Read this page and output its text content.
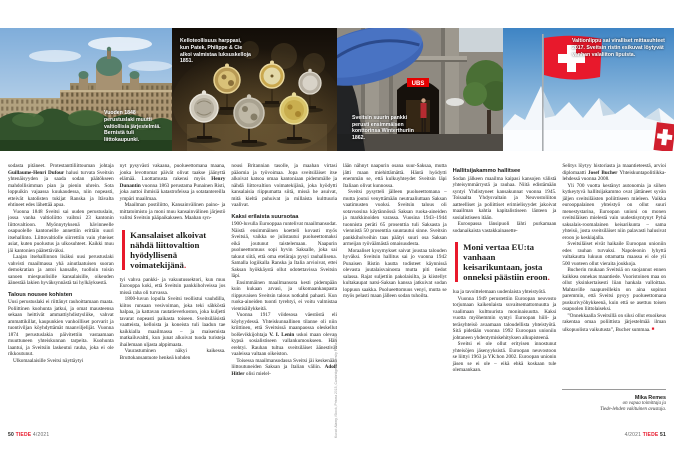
Vuoden 1848 perustuslaki muutti valtiollisia järjestelmiä. Bernistä tuli liittokaupunki.
Kelloteollisuus harppasi, kun Patek, Philippe & Cie alkoi valmistaa luksuskelloja 1851.
UBS
Sveitsin suurin pankki perusti ensimmäisen konttorinsa Winterthuriin 1862.
Valtionlippu sai viralliset mittasuhteet 2017. Sveitsin ristin esikuvat löytyvät vanhan valaliiton lipuista.

sodasta pitäneet. Protestanttiliittouman johtaja Guillaume-Henri Dufour halusi turvata Sveitsin yhtenäisyyden ja saada sodan päätökseen mahdollisimman pian ja pienin uhrein. Sota loppuikin vajaassa kuukaudessa, niin nopeasti, etteivät katolisten tukijat Ranska ja Itävalta ehtineet edes lähettää apua.

Vuonna 1848 Sveitsi sai uuden perustuslain, jossa vanha valtioliitto vaihtui 23 kantonin liittovaltioon. Myönnytyksenä hävinneelle osapuolelle kantoneille annettiin erittäin suuri itsehallinto. Liittovaltiolle siirrettiin vain yhteiset asiat, kuten puolustus ja ulkosuhteet. Kaikki muu jäi kantonien päätettäväksi.

Laajan itsehallinnon lisäksi uusi perustuslaki vahvisti maailmassa yhä ainutlaatuisen suoran demokratian ja antoi kansalle, tuolloin toisin sanoen miespuolisille kansalaisille, oikeuden äänestää lakien hyväksynnästä tai hylkäyksestä.

Talous nousee kohisten

Uusi perustuslaki ei riittänyt rauhoittamaan maata. Poliittinen kuohunta jatkui, ja omat mausteensa sekaan heittivät ammattiyhdistysliike, vahvat ammattikillat, kaupunkien vanhoilliset porvarit ja tuontiviljan köyhdyttämät maanviljelijät. Vuonna 1874 perustuslakia päivitettiin vastaamaan muuttuneen yhteiskunnan tarpeita. Kuohunta laantui, ja Sveitsiin laskeutui rauha, joka ei ole rikkoutunut.

Ulkomaalaisille Sveitsi näyttäytyi

nyt pysyvästi vakaana, puolueettomana maana, jonka levottomat päivät olivat taakse jäänyttä elämää. Luottamusta rakensi myös Henry Dunantin vuonna 1863 perustama Punainen Risti, joka auttoi ihmisiä katastrofeissa ja sotatantereilla ympäri maailmaa.

Maailman postiliitto, Kansainvälinen paino- ja mittatoimisto ja moni muu kansainvälinen järjestö valitsi Sveitsin pääpaikakseen. Maahan syn-

Kansalaiset alkoivat nähdä liittovaltion hyödyllisenä voimatekijänä.

tyi vahva pankki- ja vakuutussektori, kun muu Eurooppa koki, että Sveitsin pankkiholveissa jos missä raha oli turvassa.

1800-luvun lopulla Sveitsi teollistui vauhdilla, kiitos runsaan vesivoiman, joka teki sähköstä halpaa, ja kattavan rautatieverkoston, joka kuljetti tavarat nopeasti paikasta toiseen. Sveitsiläisistä vaatteista, kelloista ja koneista tuli laadun tae kaikkialla maailmassa – ja maisemista matkailuvaltti, kun junat alkoivat tuoda turisteja ihailemaan uljasta alppimaata.

Vaurastuminen näkyi kaikessa. Bruttokansantuote henkeä kohden

nousi Britannian tasolle, ja maahan virtasi pääomia ja työvoimaa. Jopa sveitsiläiset itse alkoivat katsoa omaa kantoniaan pidemmälle ja nähdä liittovaltion voimatekijänä, joka hyödytti kansalaisia riippumatta siitä, missä he asuivat, mitä kieltä puhuivat ja millaista kulttuuria vaalivat.

Kaksi erilaista suursotaa

1900-luvulla Eurooppaa runtelivat maailmansodat. Näistä ensimmäinen koetteli kovasti myös Sveitsiä, vaikka se julistautui puolueettomaksi eikä joutunut taistelemaan. Naapurin puolueettomuus sopi hyvin Saksalle, joka sai takuut siitä, että oma eteläraja pysyi rauhallisena. Samalla logiikalla Ranska ja Italia arvioivat, ettei Saksan hyökkäystä ollut odotettavissa Sveitsin läpi.

Ensimmäinen maailmansota kesti pidempään kuin kukaan arvasi, ja ulkomaankaupasta riippuvaisen Sveitsin talous notkahti pahasti. Kun ruoka-aineiden tuonti tyrehtyi, ei voitu valmistaa vientisäilykkeitä.

Vuonna 1917 viidesosa väestöstä eli köyhyydessä. Yhteiskunnallinen tilanne oli niin kriittinen, että Sveitsissä maanpaossa oleskellut bolševikkijohtaja V. I. Lenin uskoi maan olevan kypsä sosialistiseen vallankumoukseen. Hän erehtyi. Rauhan tultua sveitsiläiset äänestivät vaaleissa valtaan oikeiston.

Toisessa maailmansodassa Sveitsi jäi keskenään liittoutuneiden Saksan ja Italian väliin. Adolf Hitler olisi mielel-

lään nähnyt naapurin osana suur-Saksaa, mutta jätti maan miehittämättä. Häntä hyödytti enemmän se, että kulkuyhteydet Sveitsin läpi Italiaan olivat kunnossa.

Sveitsi pysytteli jälleen puolueettomana – mutta joutui venyttämään neutraaliuttaan Saksan vaatimusten vuoksi. Sveitsin talous oli sotavuosina käytännössä Saksan ruoka-aineiden ja markkinoiden varassa. Vuosina 1943–1944 tuonnista peräti 65 prosenttia tuli Saksasta ja viennistä 50 prosenttia suuntautui sinne. Sveitsin pankkiholveihin taas päätyi suuri osa Saksan armeijan ryöväämästä omaisuudesta.

Moraaliset kysymykset saivat joustaa talouden hyväksi. Sveitsin hallitus sai jo vuonna 1942 Punaisen Ristin kautta todisteet käynnissä olevasta juutalaisvainosta mutta piti tiedot salassa. Rajat suljettiin pakolaisilta, ja kiistellyt kultakaupat natsi-Saksan kanssa jatkuivat sodan loppuun saakka. Puolueettomuus venyi, mutta se myös pelasti maan jälleen sodan tuhoilta.

Hallitsijakammo hallitsee

Sodan jälkeen maailma kaipasi kansojen välistä yhteisymmärrystä ja rauhaa. Niitä edistämään syntyi Yhdistyneet kansakunnat vuonna 1945. Toisaalta Yhdysvaltain ja Neuvostoliiton aatteelliset ja poliittiset erimielisyydet jakoivat maailman kahtia kapitalistiseen länteen ja sosialistiseen itään.

Euroopassa länsipuoli lähti purkamaan sodanaikaista vastakkainasette-

Moni vertaa EU:ta vanhaan keisarikuntaan, josta onneksi päästiin eroon.

lua ja tavoittelemaan uudenlaista yhteistyötä.

Vuonna 1949 perustettiin Euroopan neuvosto torjumaan kaikenlaista suvaitsemattomuutta ja vaalimaan kulttuurista moninaisuutta. Kaksi vuotta myöhemmin syntyi Euroopan hiili- ja teräsyhteisö avaamaan taloudellista yhteistyötä. Sitä pidetään vuonna 1992 Euroopan unioniin johtaneen yhdentymiskehityksen alkupisteenä.

Sveitsi ei ole ollut erityisen innostunut yhteisöjen jäsenyyksistä. Euroopan neuvostoon se liittyi 1963 ja YK:hon 2002. Euroopan unionin jäsen se ei ole – eikä ehkä koskaan tule olemaankaan.

Selitys löytyy historiasta ja maantieteestä, arvioi diplomaatti Josef Bucher Yhteiskuntapolitiikka-lehdessä vuonna 2008.

Yli 700 vuotta kestänyt autonomia ja siihen kytkeytyvä hallitsijakammo ovat jättäneet syvän jäljen sveitsiläisten poliittiseen mieleen. Vaikka eurooppalainen yhteistyö on ollut suuri menestystarina, Euroopan unioni on monen sveitsiläisen mielestä vain uudestisyntynyt Pyhä saksalais-roomalainen keisarikunta – sama yhteisö, josta sveitsiläiset niin palavasti halusivat eroon jo keskiajalla.

Sveitsiläiset eivät haikaile Euroopan unioniin edes rauhan turvaksi. Napoleonin lyhyttä valtakautta lukuun ottamatta maassa ei ole yli 500 vuoteen ollut vieraita joukkoja.

Bucherin mukaan Sveitsiä on suojannut ennen kaikkea onnekas maantiede. Vuoristoinen maa on ollut yksinkertaisesti liian hankala valloittaa. Mahtaville naapureillekin on aina sopinut paremmin, että Sveitsi pysyy puolueettomana puskurivyöhykkeenä, kuin että se asettuu toisen osapuolen liittolaiseksi.

”Onnekkaalla Sveitsillä on siksi ollut etuoikeus rakentaa omaa poliittista järjestelmää ilman ulkopuolista vaikutusta”, Bucher summaa. ■

Mika Remes
on vapaa toimittaja ja
Tiede-lehden vakituinen avustaja.
Kuvat: Alamy, iStock, Prisma 2015, Cambridge University Press 2020
50 TIEDE 4/2021	4/2021 TIEDE 51
